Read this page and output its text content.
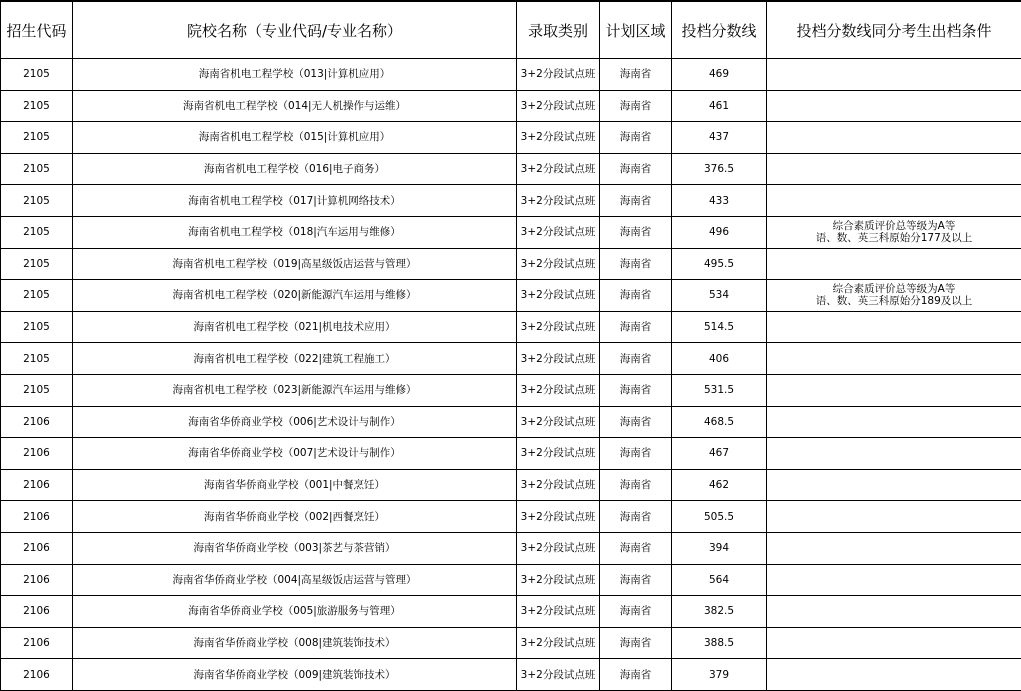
招生代码	院校名称（专业代码/专业名称）	录取类别	计划区域	投档分数线	投档分数线同分考生出档条件
2105	海南省机电工程学校（013|计算机应用）	3+2分段试点班	海南省	469	
2105	海南省机电工程学校（014|无人机操作与运维）	3+2分段试点班	海南省	461	
2105	海南省机电工程学校（015|计算机应用）	3+2分段试点班	海南省	437	
2105	海南省机电工程学校（016|电子商务）	3+2分段试点班	海南省	376.5	
2105	海南省机电工程学校（017|计算机网络技术）	3+2分段试点班	海南省	433	
2105	海南省机电工程学校（018|汽车运用与维修）	3+2分段试点班	海南省	496	综合素质评价总等级为A等
语、数、英三科原始分177及以上

2105	海南省机电工程学校（019|高星级饭店运营与管理）	3+2分段试点班	海南省	495.5	
2105	海南省机电工程学校（020|新能源汽车运用与维修）	3+2分段试点班	海南省	534	综合素质评价总等级为A等
语、数、英三科原始分189及以上

2105	海南省机电工程学校（021|机电技术应用）	3+2分段试点班	海南省	514.5	
2105	海南省机电工程学校（022|建筑工程施工）	3+2分段试点班	海南省	406	
2105	海南省机电工程学校（023|新能源汽车运用与维修）	3+2分段试点班	海南省	531.5	
2106	海南省华侨商业学校（006|艺术设计与制作）	3+2分段试点班	海南省	468.5	
2106	海南省华侨商业学校（007|艺术设计与制作）	3+2分段试点班	海南省	467	
2106	海南省华侨商业学校（001|中餐烹饪）	3+2分段试点班	海南省	462	
2106	海南省华侨商业学校（002|西餐烹饪）	3+2分段试点班	海南省	505.5	
2106	海南省华侨商业学校（003|茶艺与茶营销）	3+2分段试点班	海南省	394	
2106	海南省华侨商业学校（004|高星级饭店运营与管理）	3+2分段试点班	海南省	564	
2106	海南省华侨商业学校（005|旅游服务与管理）	3+2分段试点班	海南省	382.5	
2106	海南省华侨商业学校（008|建筑装饰技术）	3+2分段试点班	海南省	388.5	
2106	海南省华侨商业学校（009|建筑装饰技术）	3+2分段试点班	海南省	379	
